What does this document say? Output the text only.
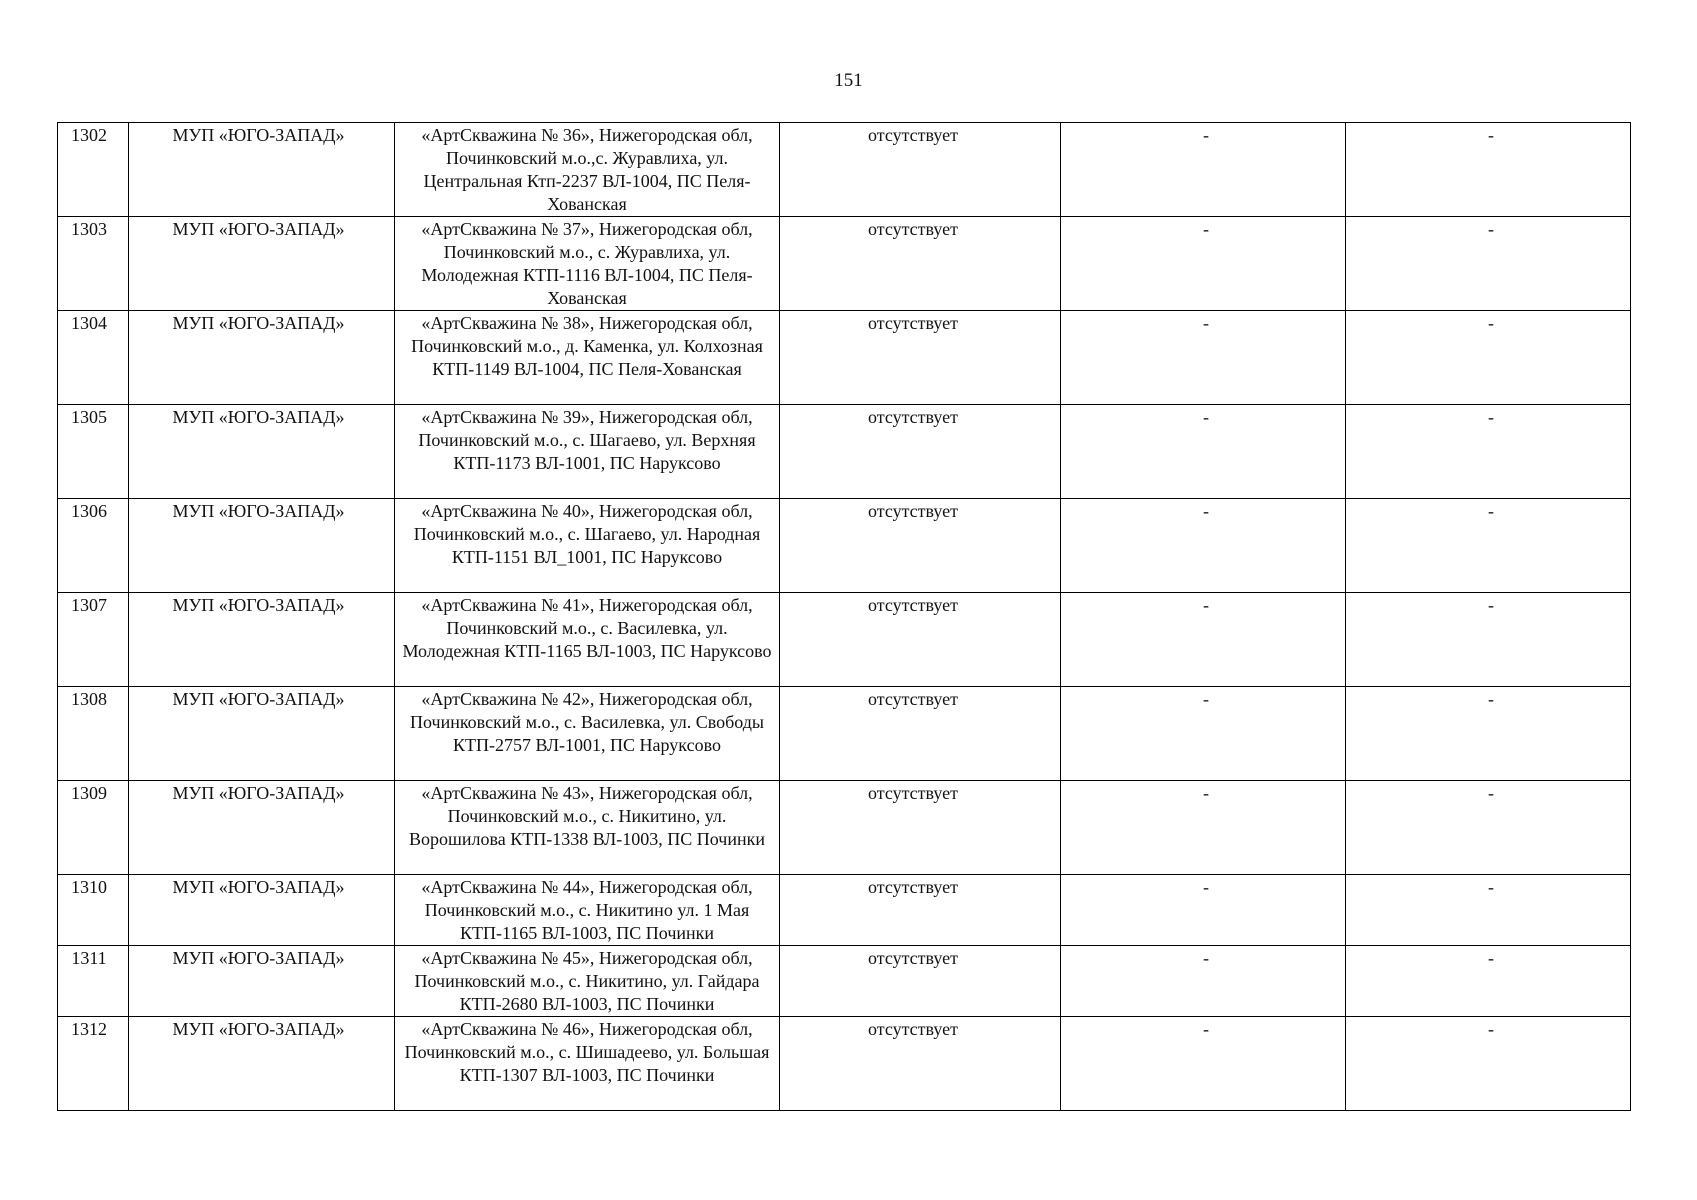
151
1302	МУП «ЮГО-ЗАПАД»	«АртСкважина № 36», Нижегородская обл, Починковский м.о.,с. Журавлиха, ул. Центральная Ктп-2237 ВЛ-1004, ПС Пеля-Хованская	отсутствует	-	-
1303	МУП «ЮГО-ЗАПАД»	«АртСкважина № 37», Нижегородская обл, Починковский м.о., с. Журавлиха, ул. Молодежная КТП-1116 ВЛ-1004, ПС Пеля-Хованская	отсутствует	-	-
1304	МУП «ЮГО-ЗАПАД»	«АртСкважина № 38», Нижегородская обл, Починковский м.о., д. Каменка, ул. Колхозная КТП-1149 ВЛ-1004, ПС Пеля-Хованская	отсутствует	-	-
1305	МУП «ЮГО-ЗАПАД»	«АртСкважина № 39», Нижегородская обл, Починковский м.о., с. Шагаево, ул. Верхняя КТП-1173 ВЛ-1001, ПС Наруксово	отсутствует	-	-
1306	МУП «ЮГО-ЗАПАД»	«АртСкважина № 40», Нижегородская обл, Починковский м.о., с. Шагаево, ул. Народная КТП-1151 ВЛ_1001, ПС Наруксово	отсутствует	-	-
1307	МУП «ЮГО-ЗАПАД»	«АртСкважина № 41», Нижегородская обл, Починковский м.о., с. Василевка, ул. Молодежная КТП-1165 ВЛ-1003, ПС Наруксово	отсутствует	-	-
1308	МУП «ЮГО-ЗАПАД»	«АртСкважина № 42», Нижегородская обл, Починковский м.о., с. Василевка, ул. Свободы КТП-2757 ВЛ-1001, ПС Наруксово	отсутствует	-	-
1309	МУП «ЮГО-ЗАПАД»	«АртСкважина № 43», Нижегородская обл, Починковский м.о., с. Никитино, ул. Ворошилова КТП-1338 ВЛ-1003, ПС Починки	отсутствует	-	-
1310	МУП «ЮГО-ЗАПАД»	«АртСкважина № 44», Нижегородская обл, Починковский м.о., с. Никитино ул. 1 Мая КТП-1165 ВЛ-1003, ПС Починки	отсутствует	-	-
1311	МУП «ЮГО-ЗАПАД»	«АртСкважина № 45», Нижегородская обл, Починковский м.о., с. Никитино, ул. Гайдара КТП-2680 ВЛ-1003, ПС Починки	отсутствует	-	-
1312	МУП «ЮГО-ЗАПАД»	«АртСкважина № 46», Нижегородская обл, Починковский м.о., с. Шишадеево, ул. Большая КТП-1307 ВЛ-1003, ПС Починки	отсутствует	-	-
